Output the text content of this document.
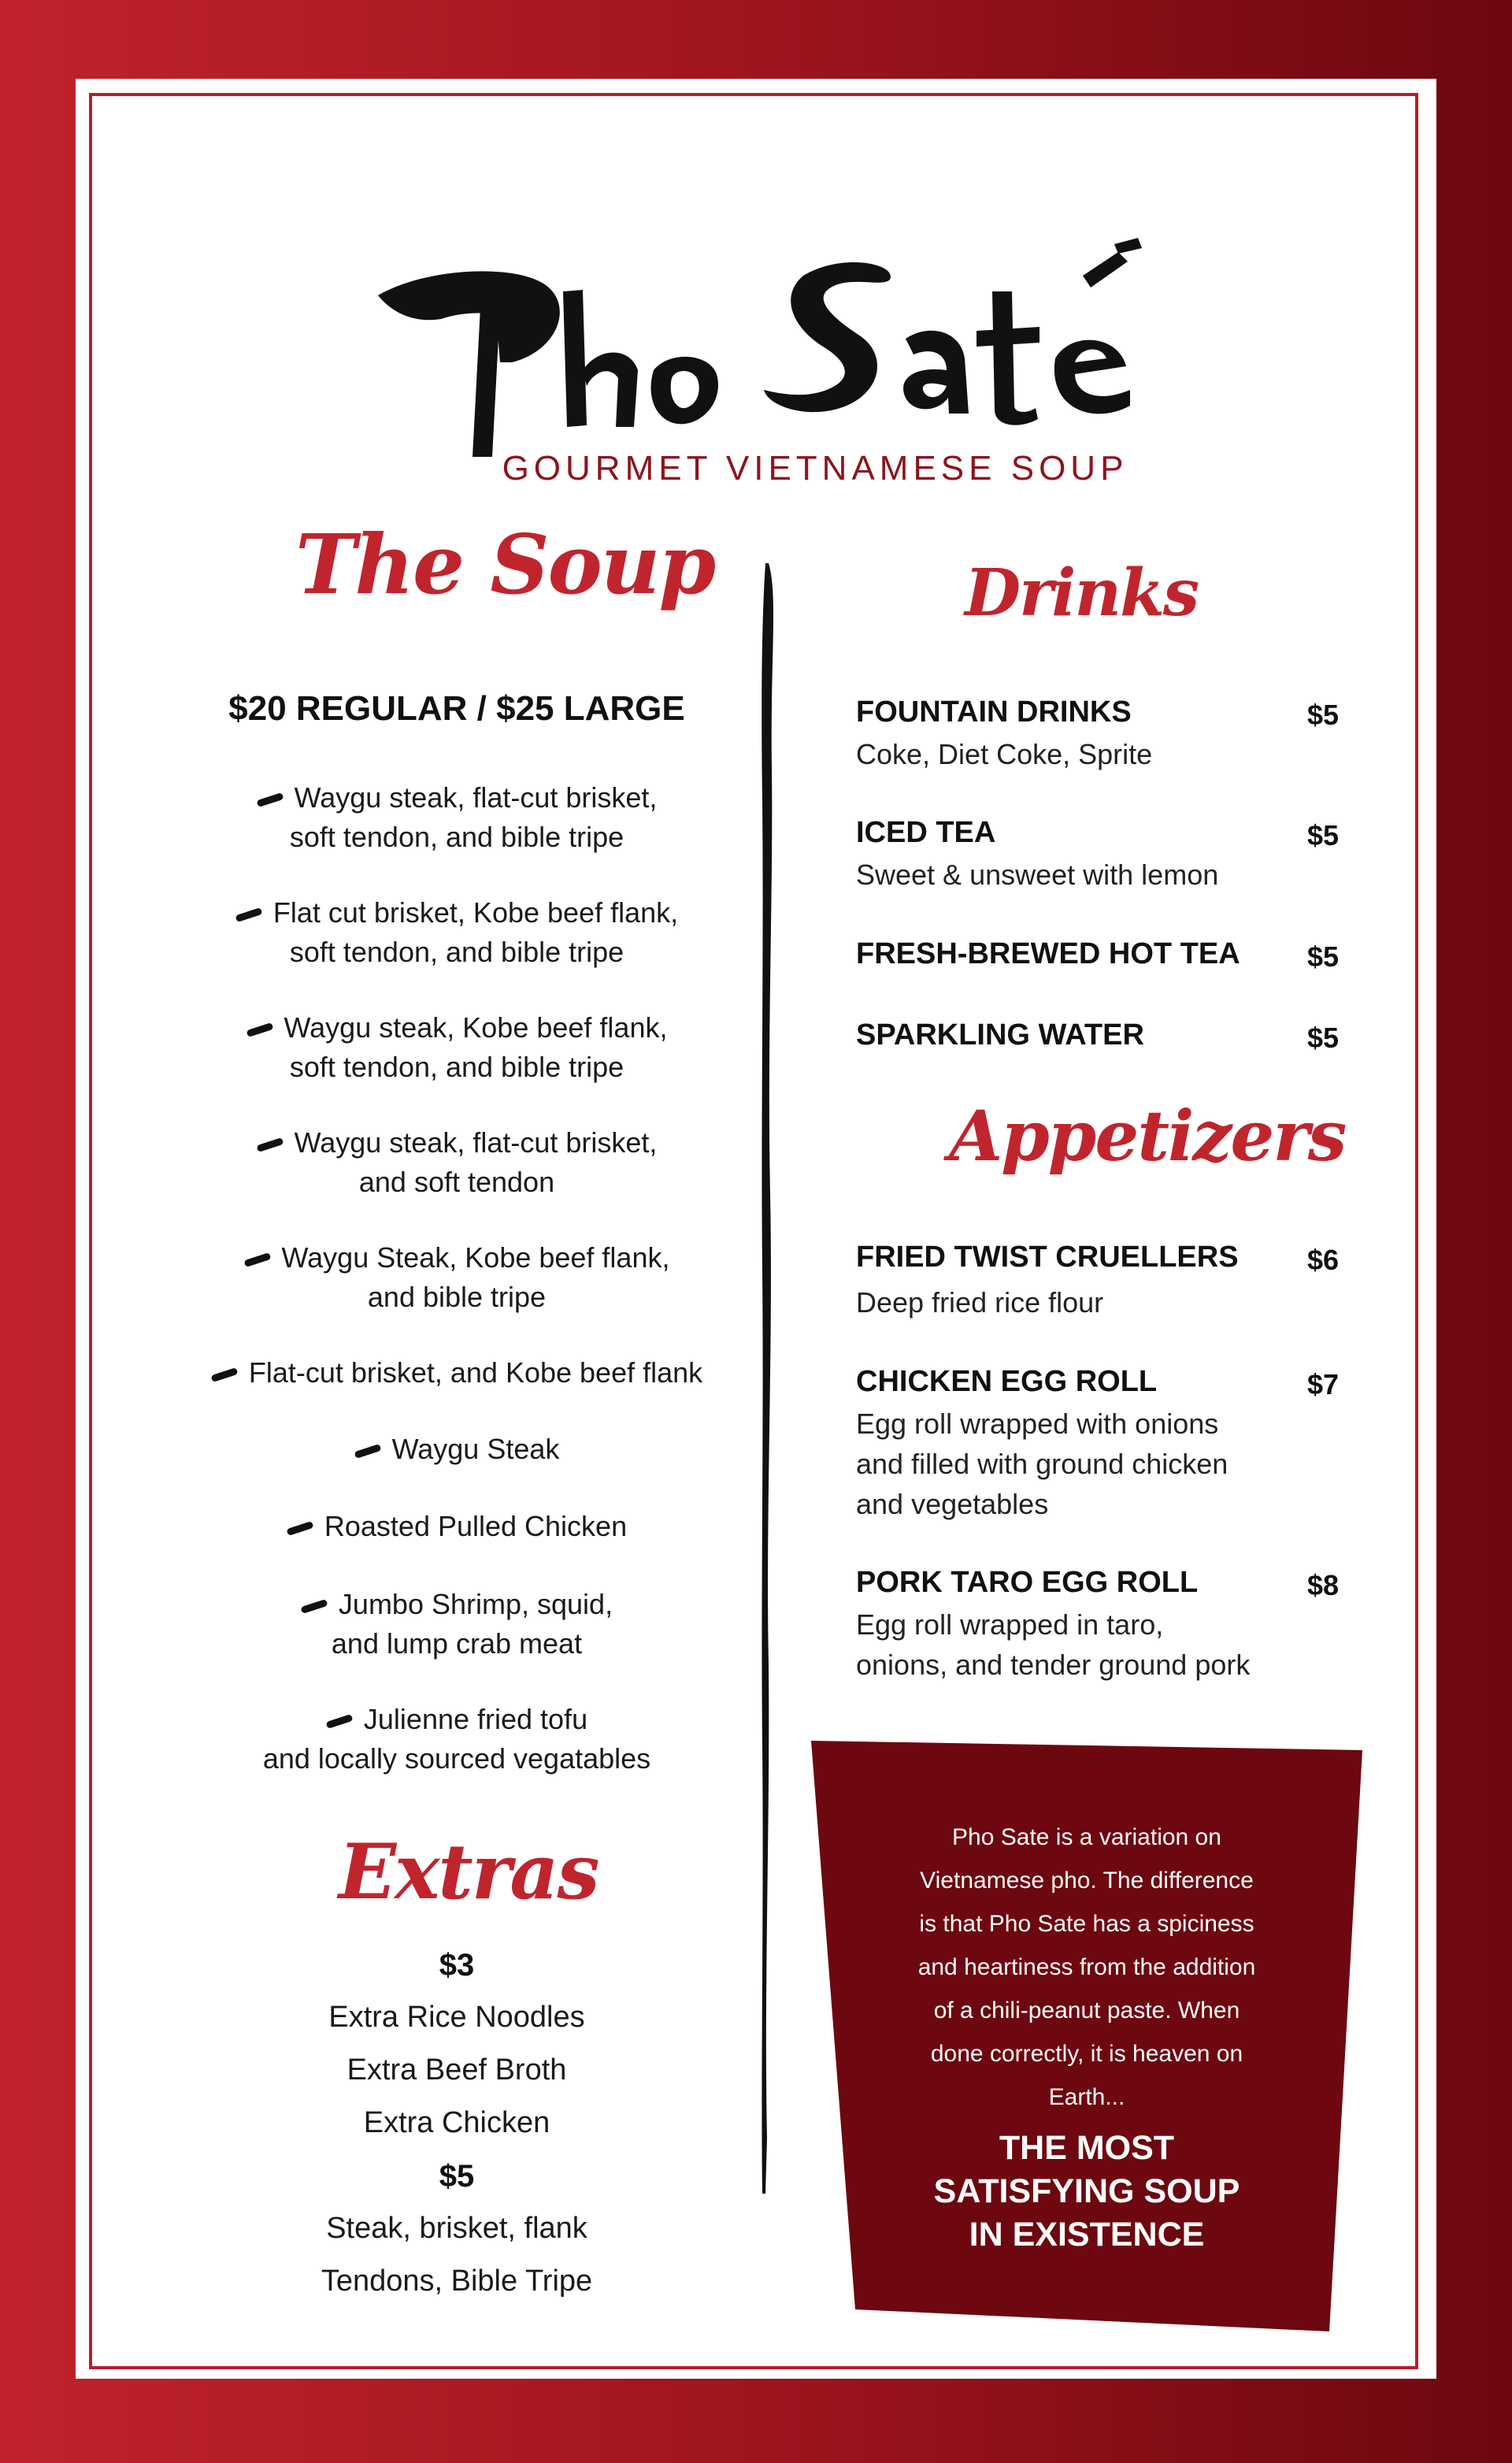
GOURMET VIETNAMESE SOUP
The Soup
$20 REGULAR / $25 LARGE
Waygu steak, flat-cut brisket,
soft tendon, and bible tripe
Flat cut brisket, Kobe beef flank,
soft tendon, and bible tripe
Waygu steak, Kobe beef flank,
soft tendon, and bible tripe
Waygu steak, flat-cut brisket,
and soft tendon
Waygu Steak, Kobe beef flank,
and bible tripe
Flat-cut brisket, and Kobe beef flank
Waygu Steak
Roasted Pulled Chicken
Jumbo Shrimp, squid,
and lump crab meat
Julienne fried tofu
and locally sourced vegatables
Extras
$3
Extra Rice Noodles
Extra Beef Broth
Extra Chicken
$5
Steak, brisket, flank
Tendons, Bible Tripe
Drinks
FOUNTAIN DRINKS	$5
Coke, Diet Coke, Sprite
ICED TEA	$5
Sweet & unsweet with lemon
FRESH-BREWED HOT TEA	$5
SPARKLING WATER	$5
Appetizers
FRIED TWIST CRUELLERS	$6
Deep fried rice flour
CHICKEN EGG ROLL	$7
Egg roll wrapped with onions
and filled with ground chicken
and vegetables
PORK TARO EGG ROLL	$8
Egg roll wrapped in taro,
onions, and tender ground pork
Pho Sate is a variation on
Vietnamese pho. The difference
is that Pho Sate has a spiciness
and heartiness from the addition
of a chili-peanut paste. When
done correctly, it is heaven on
Earth...
THE MOST
SATISFYING SOUP
IN EXISTENCE
